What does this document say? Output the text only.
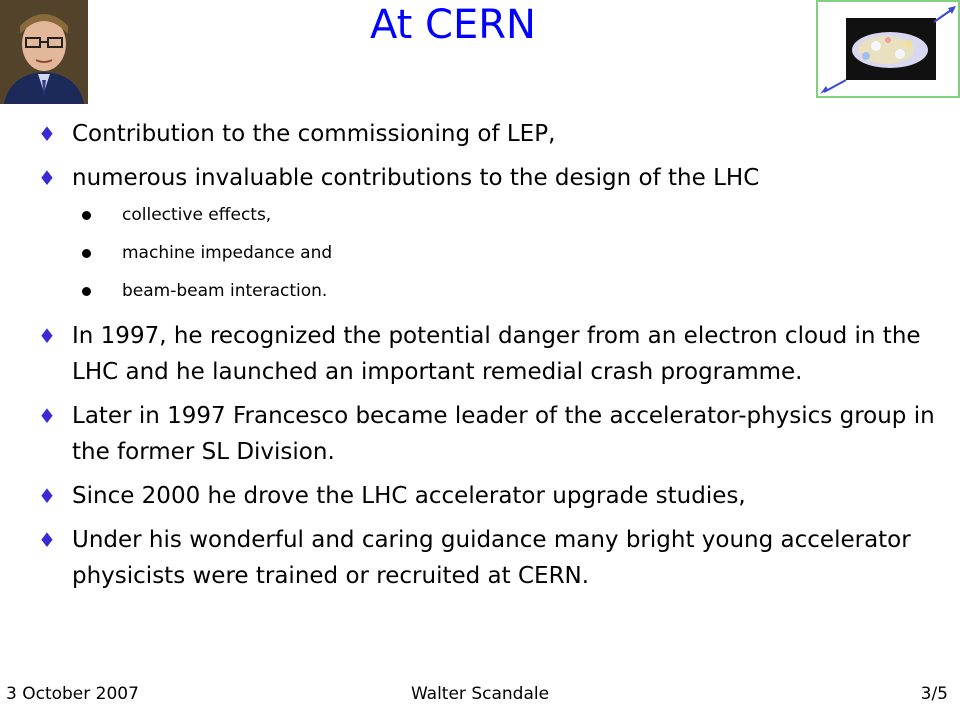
At CERN
♦ Contribution to the commissioning of LEP,
♦ numerous invaluable contributions to the design of the LHC
collective effects,
machine impedance and
beam-beam interaction.
♦ In 1997, he recognized the potential danger from an electron cloud in the LHC and he launched an important remedial crash programme.
♦ Later in 1997 Francesco became leader of the accelerator-physics group in the former SL Division.
♦ Since 2000 he drove the LHC accelerator upgrade studies,
♦ Under his wonderful and caring guidance many bright young accelerator physicists were trained or recruited at CERN.
3 October 2007	Walter Scandale	3/5
